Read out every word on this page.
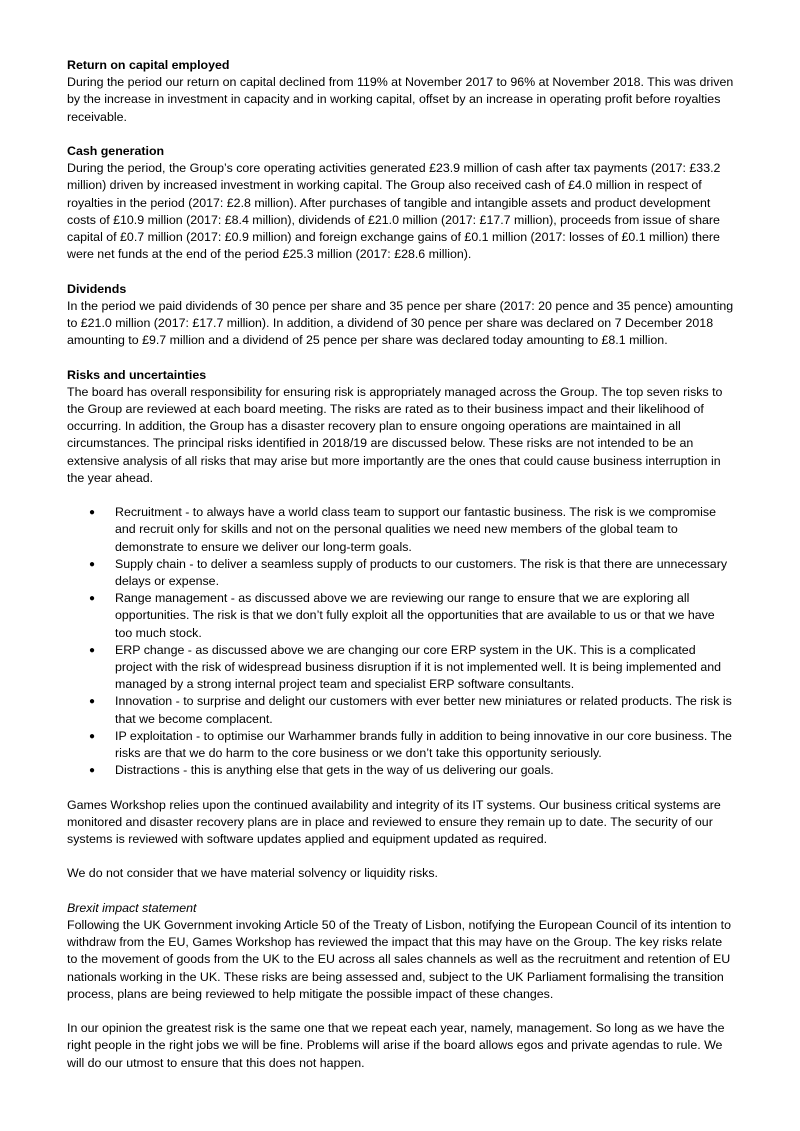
Return on capital employed

During the period our return on capital declined from 119% at November 2017 to 96% at November 2018. This was driven by the increase in investment in capacity and in working capital, offset by an increase in operating profit before royalties receivable.

Cash generation

During the period, the Group’s core operating activities generated £23.9 million of cash after tax payments (2017: £33.2 million) driven by increased investment in working capital. The Group also received cash of £4.0 million in respect of royalties in the period (2017: £2.8 million). After purchases of tangible and intangible assets and product development costs of £10.9 million (2017: £8.4 million), dividends of £21.0 million (2017: £17.7 million), proceeds from issue of share capital of £0.7 million (2017: £0.9 million) and foreign exchange gains of £0.1 million (2017: losses of £0.1 million) there were net funds at the end of the period £25.3 million (2017: £28.6 million).

Dividends

In the period we paid dividends of 30 pence per share and 35 pence per share (2017: 20 pence and 35 pence) amounting to £21.0 million (2017: £17.7 million). In addition, a dividend of 30 pence per share was declared on 7 December 2018 amounting to £9.7 million and a dividend of 25 pence per share was declared today amounting to £8.1 million.

Risks and uncertainties

The board has overall responsibility for ensuring risk is appropriately managed across the Group. The top seven risks to the Group are reviewed at each board meeting. The risks are rated as to their business impact and their likelihood of occurring. In addition, the Group has a disaster recovery plan to ensure ongoing operations are maintained in all circumstances. The principal risks identified in 2018/19 are discussed below. These risks are not intended to be an extensive analysis of all risks that may arise but more importantly are the ones that could cause business interruption in the year ahead.

● Recruitment - to always have a world class team to support our fantastic business. The risk is we compromise and recruit only for skills and not on the personal qualities we need new members of the global team to demonstrate to ensure we deliver our long-term goals.
● Supply chain - to deliver a seamless supply of products to our customers. The risk is that there are unnecessary delays or expense.
● Range management - as discussed above we are reviewing our range to ensure that we are exploring all opportunities. The risk is that we don’t fully exploit all the opportunities that are available to us or that we have too much stock.
● ERP change - as discussed above we are changing our core ERP system in the UK. This is a complicated project with the risk of widespread business disruption if it is not implemented well. It is being implemented and managed by a strong internal project team and specialist ERP software consultants.
● Innovation - to surprise and delight our customers with ever better new miniatures or related products. The risk is that we become complacent.
● IP exploitation - to optimise our Warhammer brands fully in addition to being innovative in our core business. The risks are that we do harm to the core business or we don’t take this opportunity seriously.
● Distractions - this is anything else that gets in the way of us delivering our goals.

Games Workshop relies upon the continued availability and integrity of its IT systems. Our business critical systems are monitored and disaster recovery plans are in place and reviewed to ensure they remain up to date. The security of our systems is reviewed with software updates applied and equipment updated as required.

We do not consider that we have material solvency or liquidity risks.

Brexit impact statement

Following the UK Government invoking Article 50 of the Treaty of Lisbon, notifying the European Council of its intention to withdraw from the EU, Games Workshop has reviewed the impact that this may have on the Group. The key risks relate to the movement of goods from the UK to the EU across all sales channels as well as the recruitment and retention of EU nationals working in the UK. These risks are being assessed and, subject to the UK Parliament formalising the transition process, plans are being reviewed to help mitigate the possible impact of these changes.

In our opinion the greatest risk is the same one that we repeat each year, namely, management. So long as we have the right people in the right jobs we will be fine. Problems will arise if the board allows egos and private agendas to rule. We will do our utmost to ensure that this does not happen.
